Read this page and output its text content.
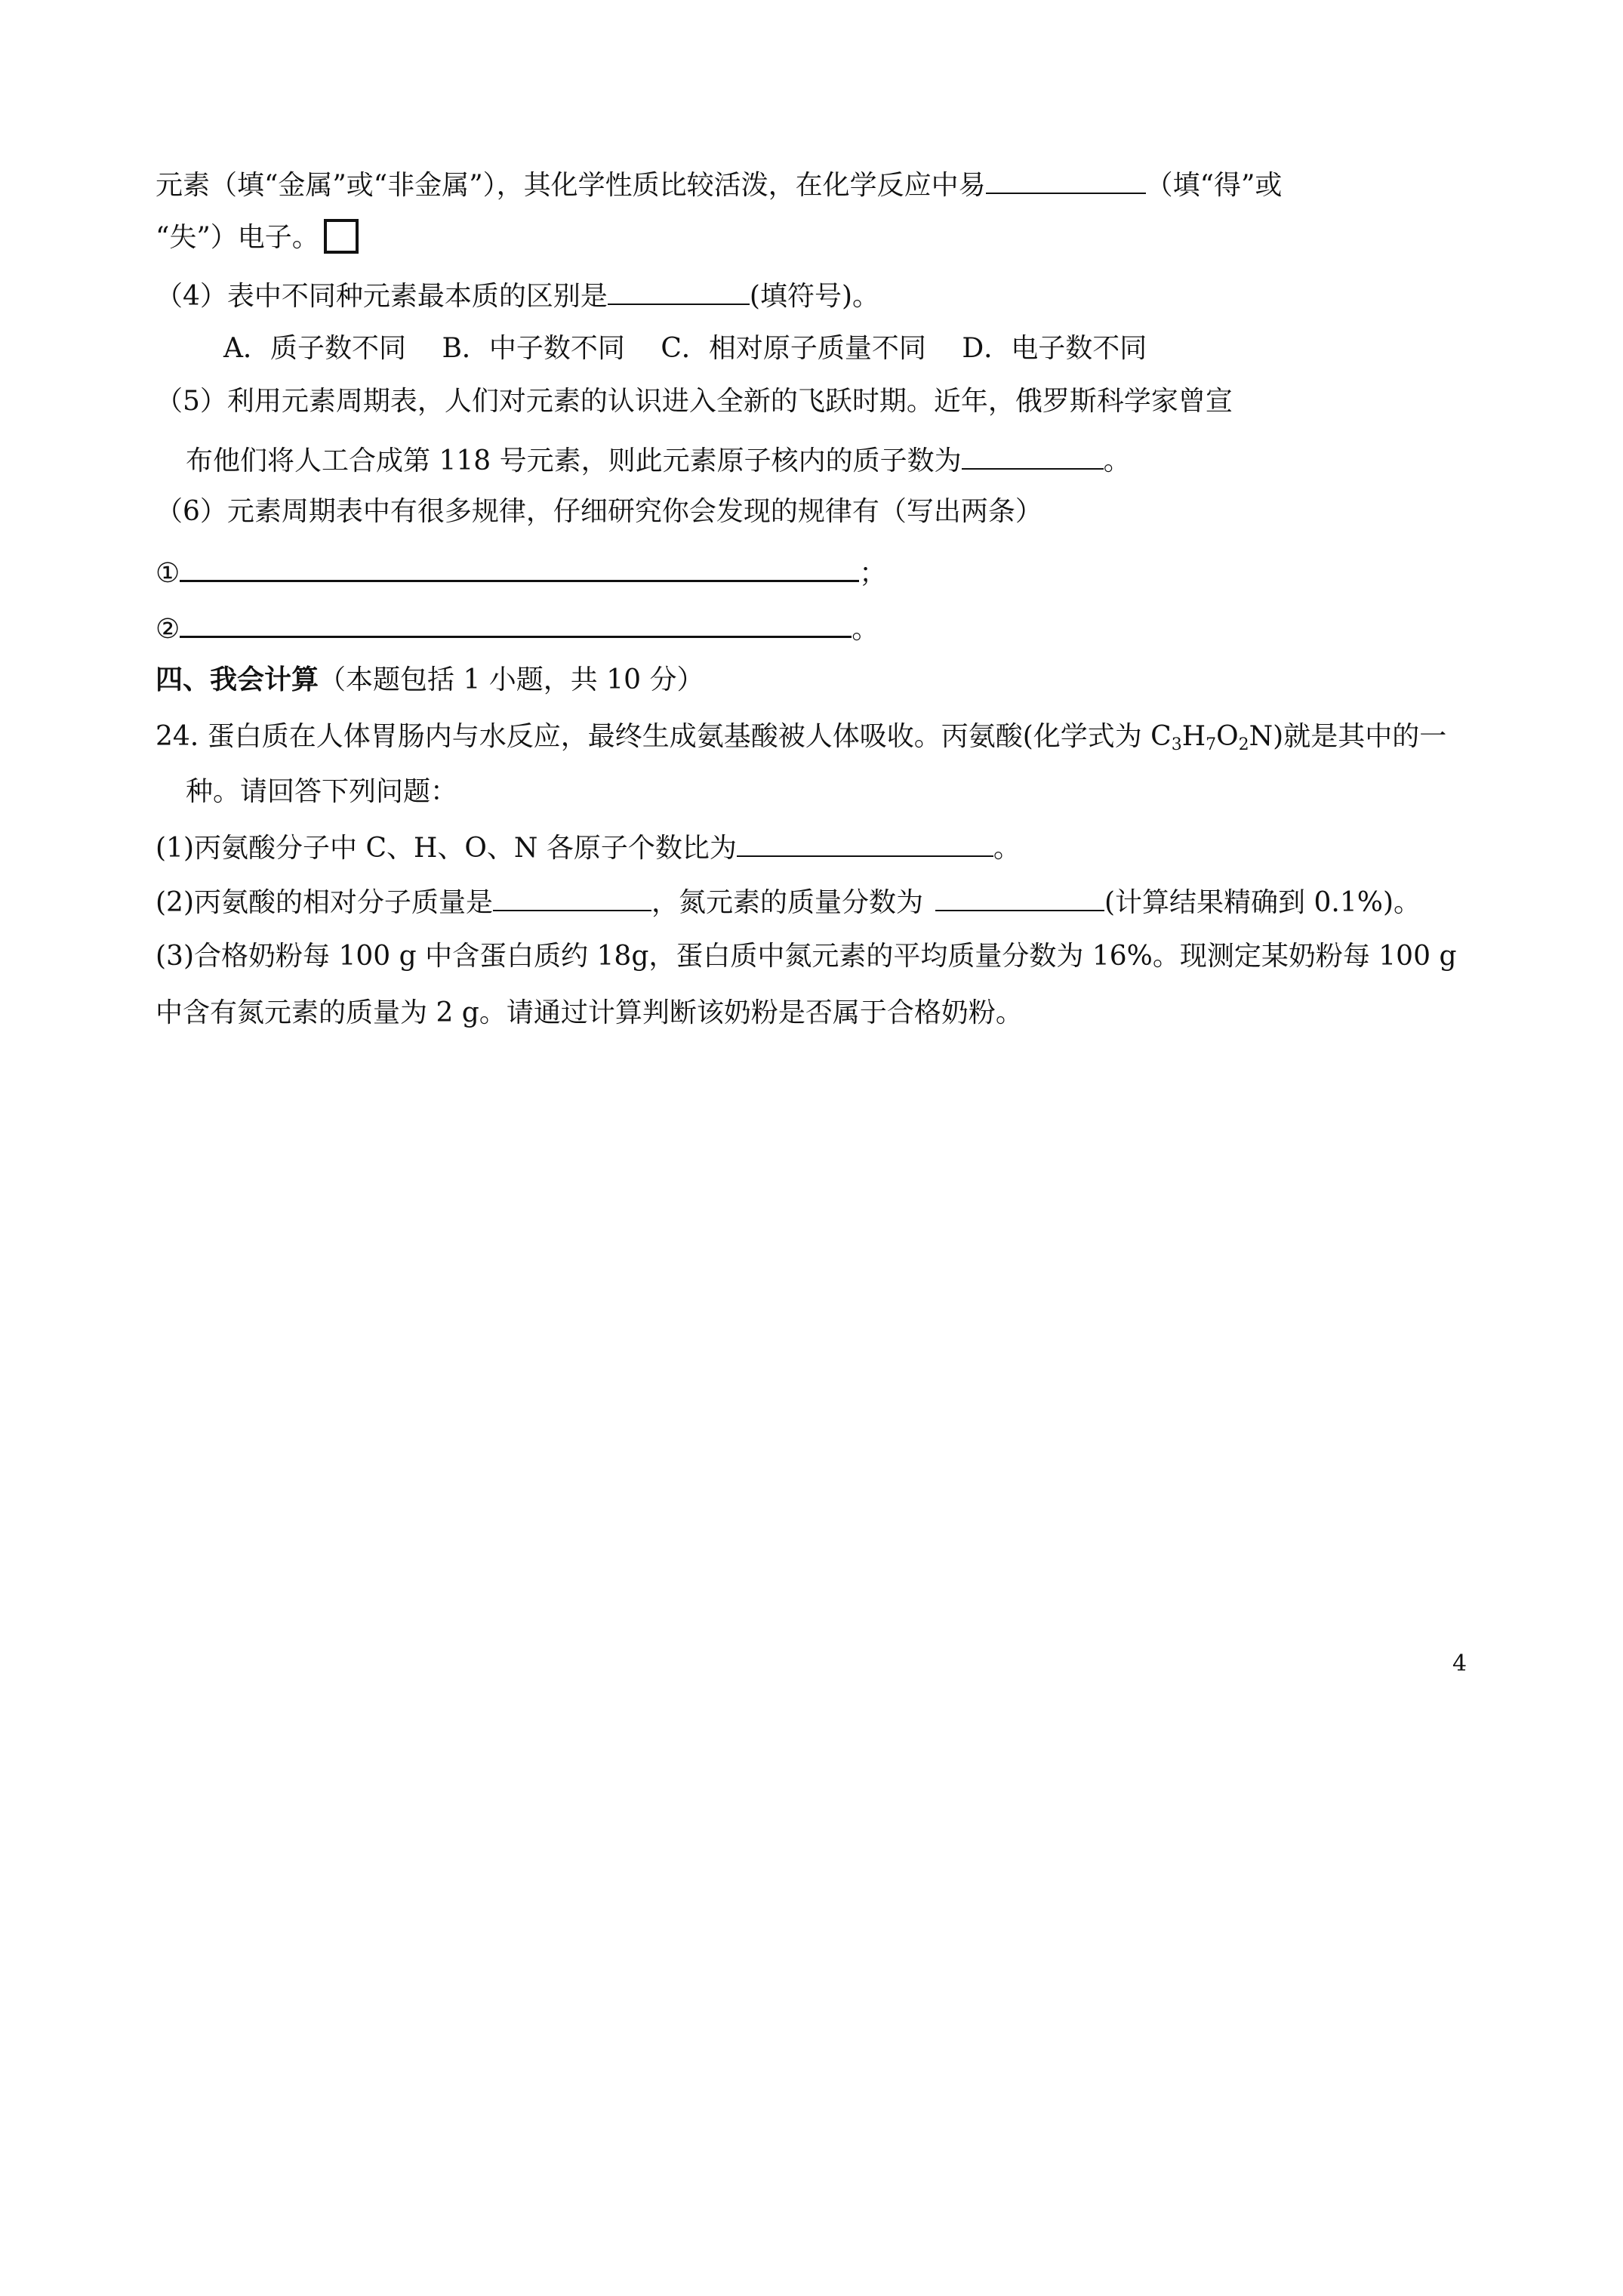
元素（填“金属”或“非金属”），其化学性质比较活泼，在化学反应中易	（填“得”或
“失”）电子。
（4）表中不同种元素最本质的区别是	(填符号)。
A．质子数不同　 B．中子数不同　 C．相对原子质量不同　 D．电子数不同
（5）利用元素周期表，人们对元素的认识进入全新的飞跃时期。近年，俄罗斯科学家曾宣
布他们将人工合成第 118 号元素，则此元素原子核内的质子数为	。
（6）元素周期表中有很多规律，仔细研究你会发现的规律有（写出两条）
①	；
②	。
四、我会计算（本题包括 1 小题，共 10 分）
24. 蛋白质在人体胃肠内与水反应，最终生成氨基酸被人体吸收。丙氨酸(化学式为 $C_3H_7O_2N$)就是其中的一
种。请回答下列问题：
(1)丙氨酸分子中 C、H、O、N 各原子个数比为	。
(2)丙氨酸的相对分子质量是	，氮元素的质量分数为	(计算结果精确到 0.1%)。
(3)合格奶粉每 100 g 中含蛋白质约 18g，蛋白质中氮元素的平均质量分数为 16%。现测定某奶粉每 100 g
中含有氮元素的质量为 2 g。请通过计算判断该奶粉是否属于合格奶粉。
4
